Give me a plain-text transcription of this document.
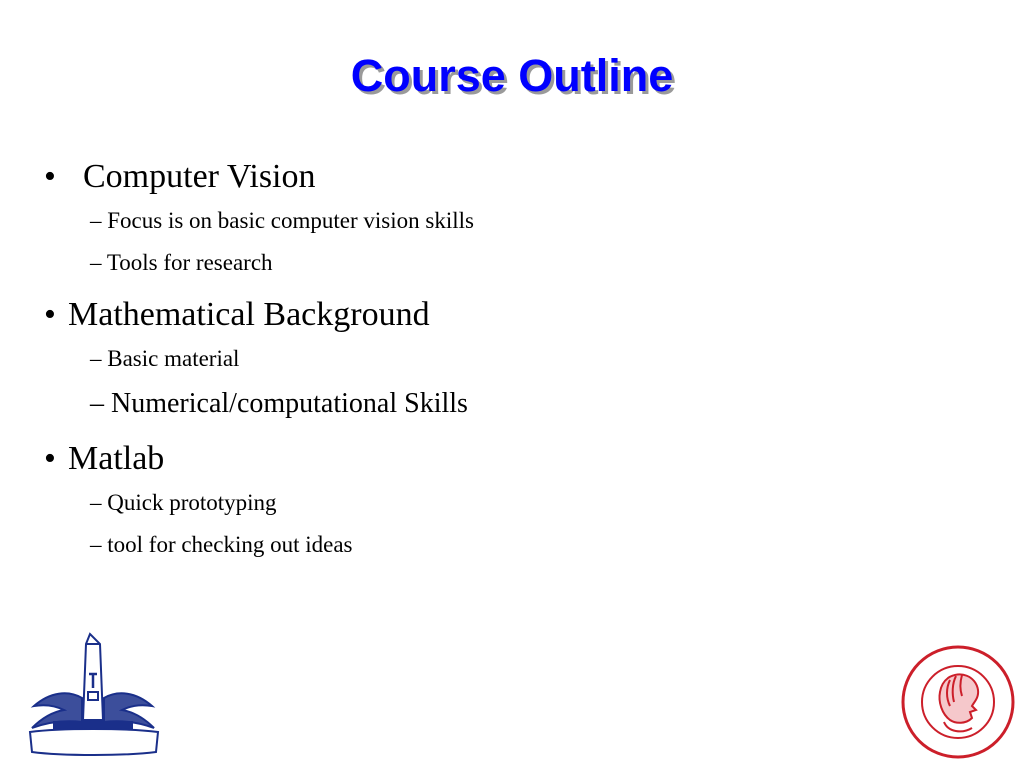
Course Outline
• Computer Vision
– Focus is on basic computer vision skills
– Tools for research
• Mathematical Background
– Basic material
– Numerical/computational Skills
• Matlab
– Quick prototyping
– tool for checking out ideas
